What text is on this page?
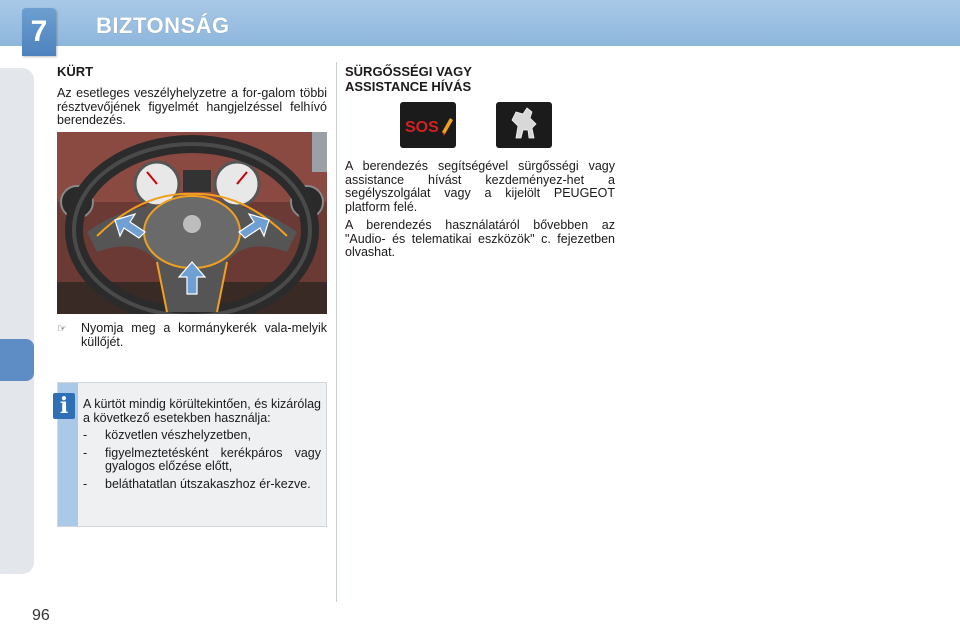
7	BIZTONSÁG
KÜRT

Az esetleges veszélyhelyzetre a for-galom többi résztvevőjének figyelmét hangjelzéssel felhívó berendezés.

☞ Nyomja meg a kormánykerék vala-melyik küllőjét.

i	A kürtöt mindig körültekintően, és kizárólag a következő esetekben használja:

- közvetlen vészhelyzetben,

- figyelmeztetésként kerékpáros vagy gyalogos előzése előtt,

- beláthatatlan útszakaszhoz ér-kezve.

SÜRGŐSSÉGI VAGY
ASSISTANCE HÍVÁS
SOS

A berendezés segítségével sürgősségi vagy assistance hívást kezdeményez-het a segélyszolgálat vagy a kijelölt PEUGEOT platform felé.

A berendezés használatáról bővebben az "Audio- és telematikai eszközök" c. fejezetben olvashat.

96
